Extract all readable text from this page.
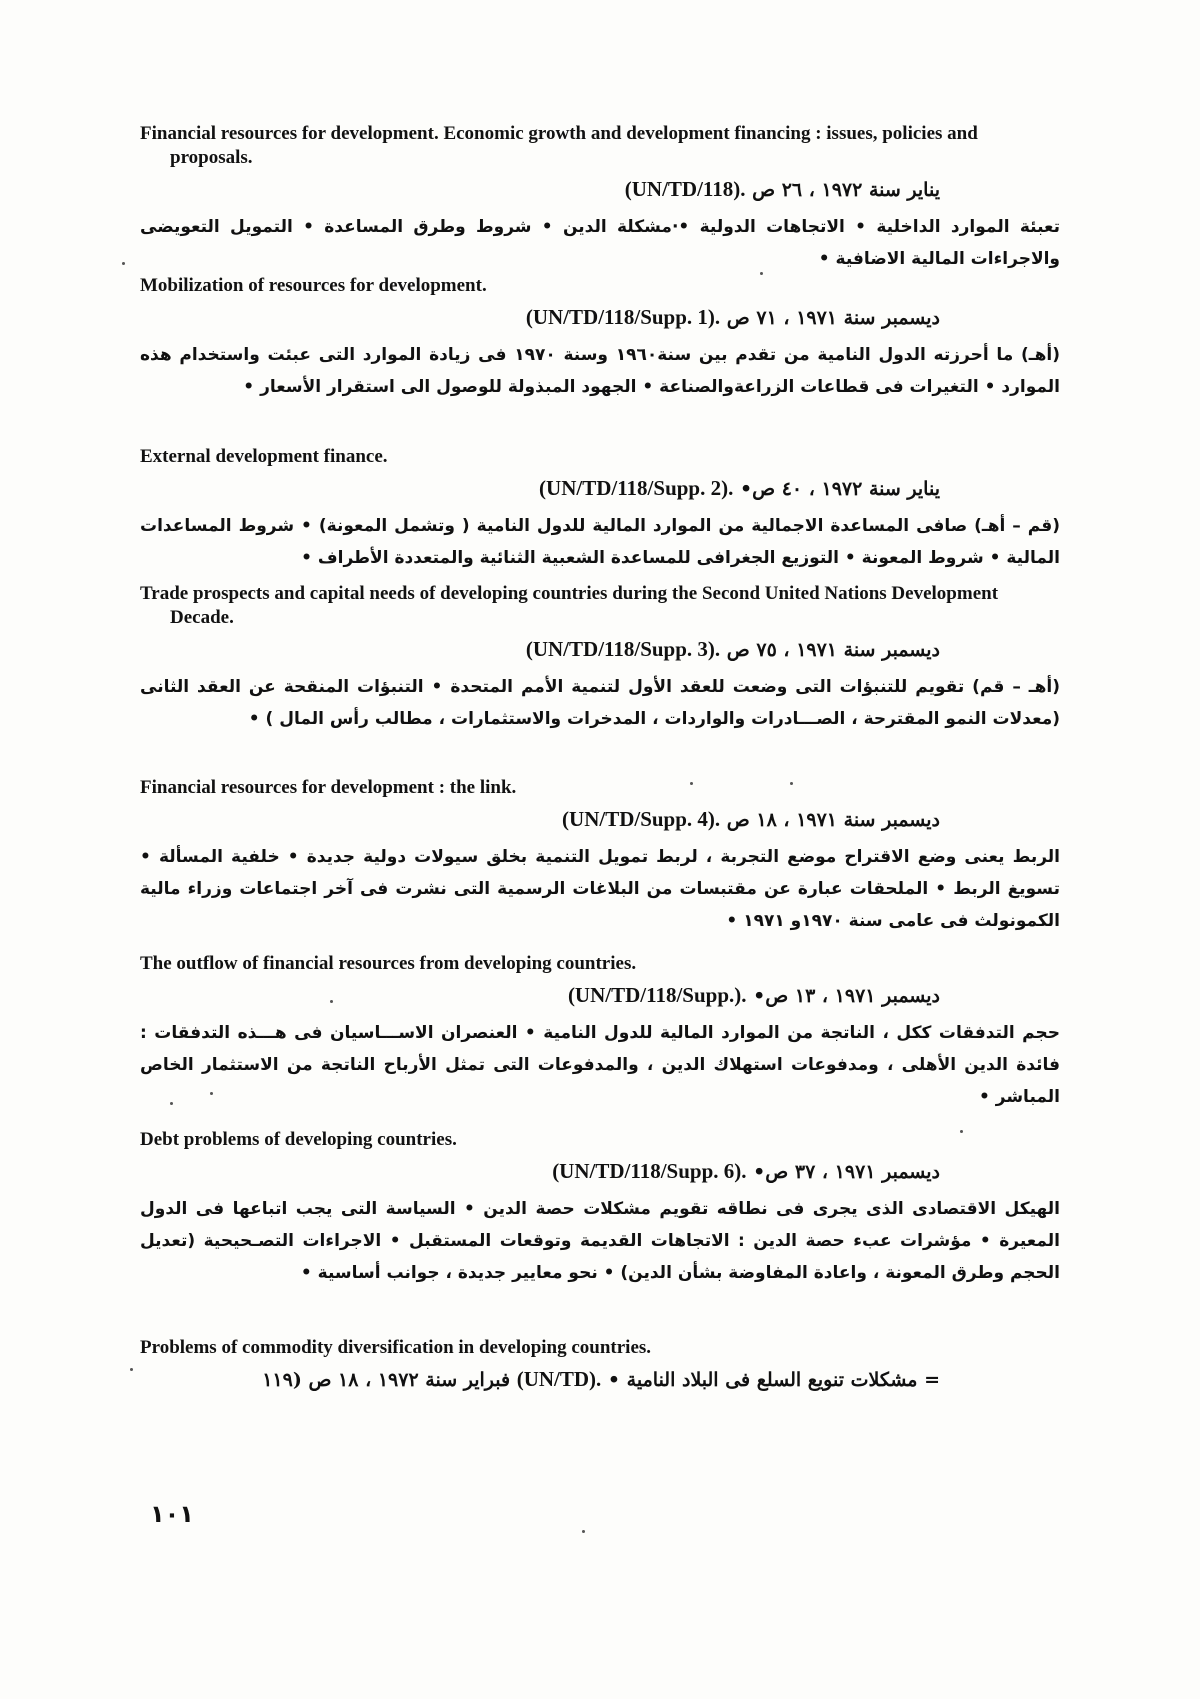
Financial resources for development. Economic growth and development financing : issues, policies and proposals.
يناير سنة ١٩٧٢ ، ٢٦ ص (UN/TD/118).
تعبئة الموارد الداخلية • الاتجاهات الدولية •·مشكلة الدين • شروط وطرق المساعدة • التمويل التعويضى والاجراءات المالية الاضافية •
Mobilization of resources for development.
ديسمبر سنة ١٩٧١ ، ٧١ ص (UN/TD/118/Supp. 1).
(أهـ) ما أحرزته الدول النامية من تقدم بين سنة١٩٦٠ وسنة ١٩٧٠ فى زيادة الموارد التى عبئت واستخدام هذه الموارد • التغيرات فى قطاعات الزراعةوالصناعة • الجهود المبذولة للوصول الى استقرار الأسعار •
External development finance.
يناير سنة ١٩٧٢ ، ٤٠ ص• (UN/TD/118/Supp. 2).
(قم – أهـ) صافى المساعدة الاجمالية من الموارد المالية للدول النامية ( وتشمل المعونة) • شروط المساعدات المالية • شروط المعونة • التوزيع الجغرافى للمساعدة الشعبية الثنائية والمتعددة الأطراف •
Trade prospects and capital needs of developing countries during the Second United Nations Development Decade.
ديسمبر سنة ١٩٧١ ، ٧٥ ص (UN/TD/118/Supp. 3).
(أهـ – قم) تقويم للتنبؤات التى وضعت للعقد الأول لتنمية الأمم المتحدة • التنبؤات المنقحة عن العقد الثانى (معدلات النمو المقترحة ، الصـــادرات والواردات ، المدخرات والاستثمارات ، مطالب رأس المال ) •
Financial resources for development : the link.
ديسمبر سنة ١٩٧١ ، ١٨ ص (UN/TD/Supp. 4).
الربط يعنى وضع الاقتراح موضع التجربة ، لربط تمويل التنمية بخلق سيولات دولية جديدة • خلفية المسألة • تسويغ الربط • الملحقات عبارة عن مقتبسات من البلاغات الرسمية التى نشرت فى آخر اجتماعات وزراء مالية الكمونولث فى عامى سنة ١٩٧٠و ١٩٧١ •
The outflow of financial resources from developing countries.
ديسمبر ١٩٧١ ، ١٣ ص• (UN/TD/118/Supp.).
حجم التدفقات ككل ، الناتجة من الموارد المالية للدول النامية • العنصران الاســـاسيان فى هـــذه التدفقات : فائدة الدين الأهلى ، ومدفوعات استهلاك الدين ، والمدفوعات التى تمثل الأرباح الناتجة من الاستثمار الخاص المباشر •
Debt problems of developing countries.
ديسمبر ١٩٧١ ، ٣٧ ص• (UN/TD/118/Supp. 6).
الهيكل الاقتصادى الذى يجرى فى نطاقه تقويم مشكلات حصة الدين • السياسة التى يجب اتباعها فى الدول المعيرة • مؤشرات عبء حصة الدين : الاتجاهات القديمة وتوقعات المستقبل • الاجراءات التصـحيحية (تعديل الحجم وطرق المعونة ، واعادة المفاوضة بشأن الدين) • نحو معايير جديدة ، جوانب أساسية •
Problems of commodity diversification in developing countries.
= مشكلات تنويع السلع فى البلاد النامية • (UN/TD). فبراير سنة ١٩٧٢ ، ١٨ ص (١١٩
١٠١
